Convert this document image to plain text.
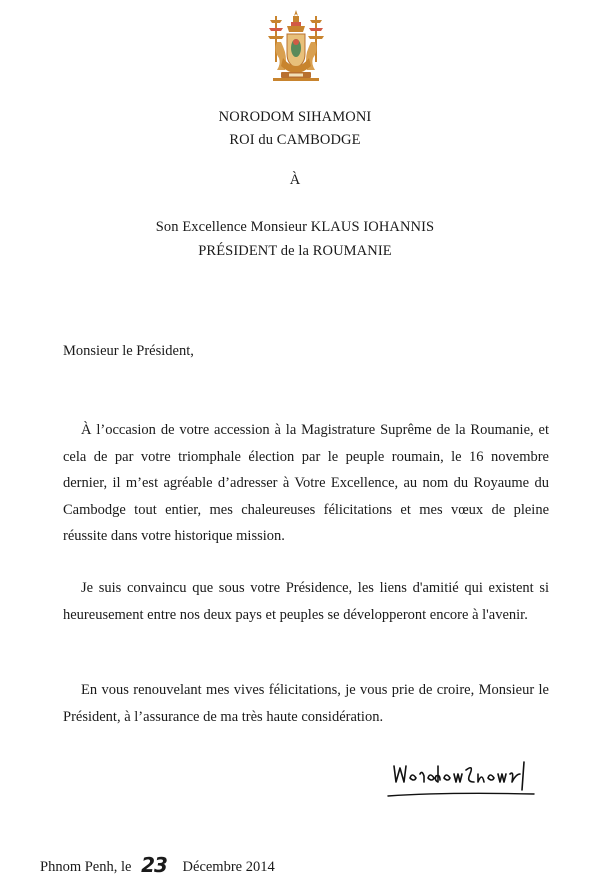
NORODOM SIHAMONI
ROI du CAMBODGE
À
Son Excellence Monsieur KLAUS IOHANNIS
PRÉSIDENT de la ROUMANIE
Monsieur le Président,

À l’occasion de votre accession à la Magistrature Suprême de la Roumanie, et cela de par votre triomphale élection par le peuple roumain, le 16 novembre dernier, il m’est agréable d’adresser à Votre Excellence, au nom du Royaume du Cambodge tout entier, mes chaleureuses félicitations et mes vœux de pleine réussite dans votre historique mission.

Je suis convaincu que sous votre Présidence, les liens d'amitié qui existent si heureusement entre nos deux pays et peuples se développeront encore à l'avenir.

En vous renouvelant mes vives félicitations, je vous prie de croire, Monsieur le Président, à l’assurance de ma très haute considération.

Phnom Penh, le 23 Décembre 2014
